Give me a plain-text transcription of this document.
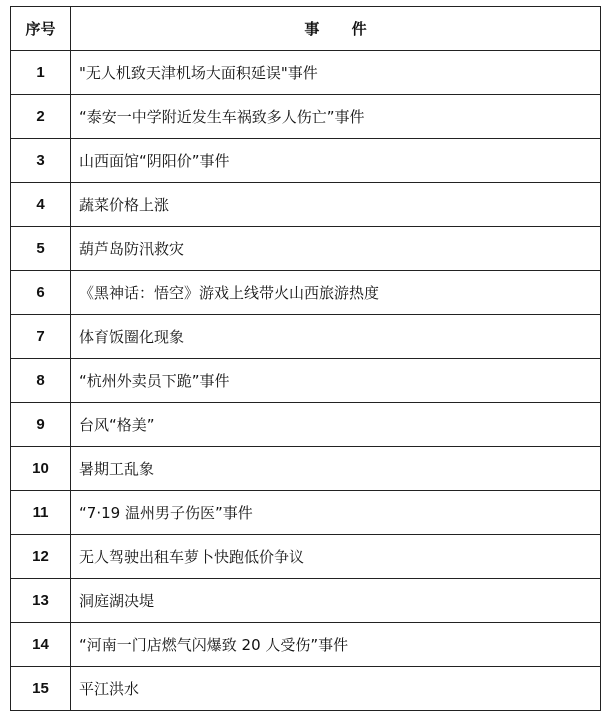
序号	事 件
1	"无人机致天津机场大面积延误"事件
2	“泰安一中学附近发生车祸致多人伤亡”事件
3	山西面馆“阴阳价”事件
4	蔬菜价格上涨
5	葫芦岛防汛救灾
6	《黑神话：悟空》游戏上线带火山西旅游热度
7	体育饭圈化现象
8	“杭州外卖员下跪”事件
9	台风“格美”
10	暑期工乱象
11	“7·19 温州男子伤医”事件
12	无人驾驶出租车萝卜快跑低价争议
13	洞庭湖决堤
14	“河南一门店燃气闪爆致 20 人受伤”事件
15	平江洪水
